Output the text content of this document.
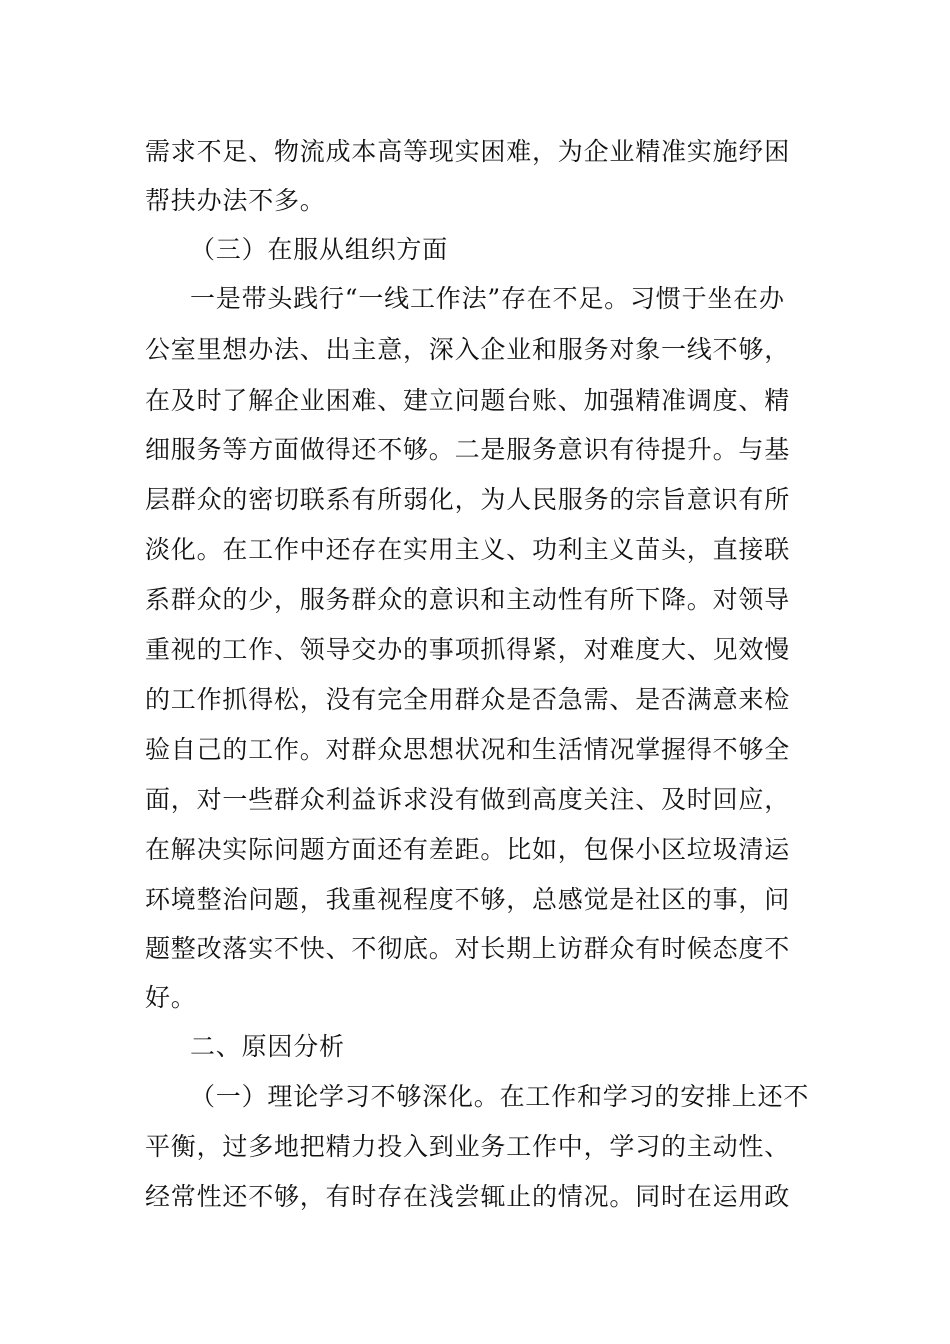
需求不足、物流成本高等现实困难，为企业精准实施纾困
帮扶办法不多。
（三）在服从组织方面
一是带头践行“一线工作法”存在不足。习惯于坐在办
公室里想办法、出主意，深入企业和服务对象一线不够，
在及时了解企业困难、建立问题台账、加强精准调度、精
细服务等方面做得还不够。二是服务意识有待提升。与基
层群众的密切联系有所弱化，为人民服务的宗旨意识有所
淡化。在工作中还存在实用主义、功利主义苗头，直接联
系群众的少，服务群众的意识和主动性有所下降。对领导
重视的工作、领导交办的事项抓得紧，对难度大、见效慢
的工作抓得松，没有完全用群众是否急需、是否满意来检
验自己的工作。对群众思想状况和生活情况掌握得不够全
面，对一些群众利益诉求没有做到高度关注、及时回应，
在解决实际问题方面还有差距。比如，包保小区垃圾清运
环境整治问题，我重视程度不够，总感觉是社区的事，问
题整改落实不快、不彻底。对长期上访群众有时候态度不
好。
二、原因分析
（一）理论学习不够深化。在工作和学习的安排上还不
平衡，过多地把精力投入到业务工作中，学习的主动性、
经常性还不够，有时存在浅尝辄止的情况。同时在运用政
